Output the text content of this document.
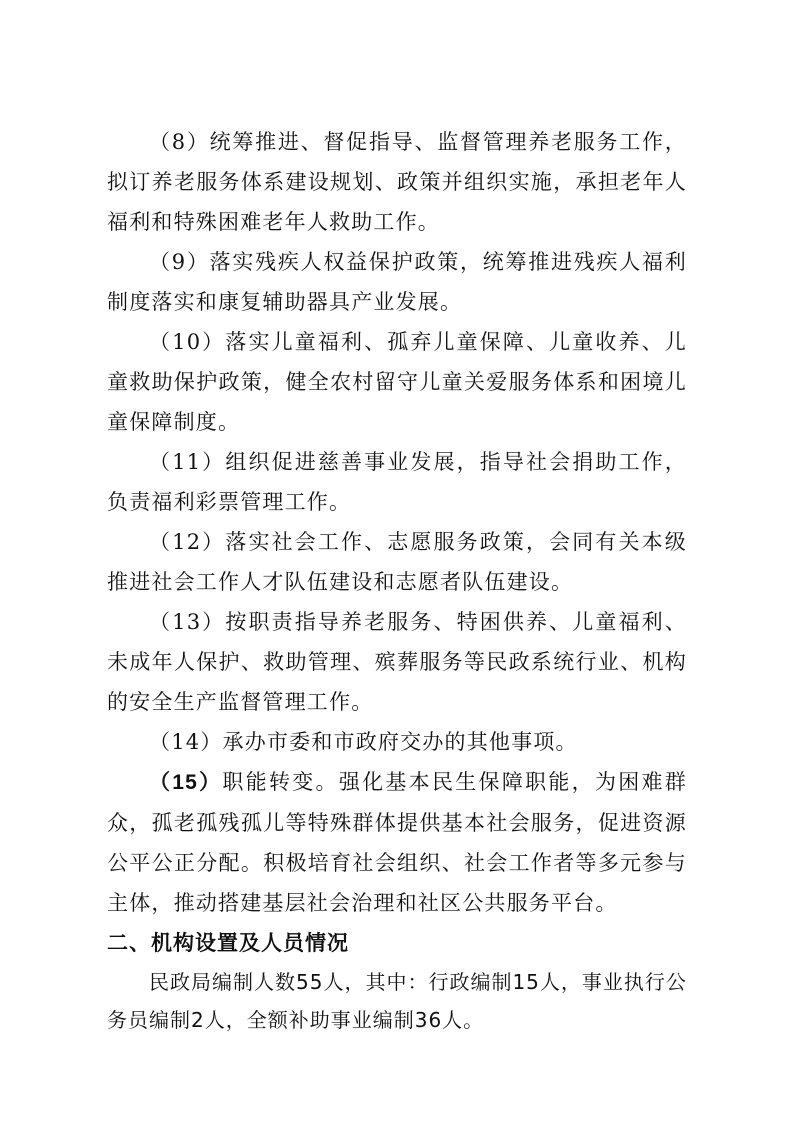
（8）统筹推进、督促指导、监督管理养老服务工作，拟订养老服务体系建设规划、政策并组织实施，承担老年人福利和特殊困难老年人救助工作。

（9）落实残疾人权益保护政策，统筹推进残疾人福利制度落实和康复辅助器具产业发展。

（10）落实儿童福利、孤弃儿童保障、儿童收养、儿童救助保护政策，健全农村留守儿童关爱服务体系和困境儿童保障制度。

（11）组织促进慈善事业发展，指导社会捐助工作，负责福利彩票管理工作。

（12）落实社会工作、志愿服务政策，会同有关本级推进社会工作人才队伍建设和志愿者队伍建设。

（13）按职责指导养老服务、特困供养、儿童福利、未成年人保护、救助管理、殡葬服务等民政系统行业、机构的安全生产监督管理工作。

（14）承办市委和市政府交办的其他事项。

（15）职能转变。强化基本民生保障职能，为困难群众，孤老孤残孤儿等特殊群体提供基本社会服务，促进资源公平公正分配。积极培育社会组织、社会工作者等多元参与主体，推动搭建基层社会治理和社区公共服务平台。

二、机构设置及人员情况

民政局编制人数55人，其中：行政编制15人，事业执行公务员编制2人，全额补助事业编制36人。
